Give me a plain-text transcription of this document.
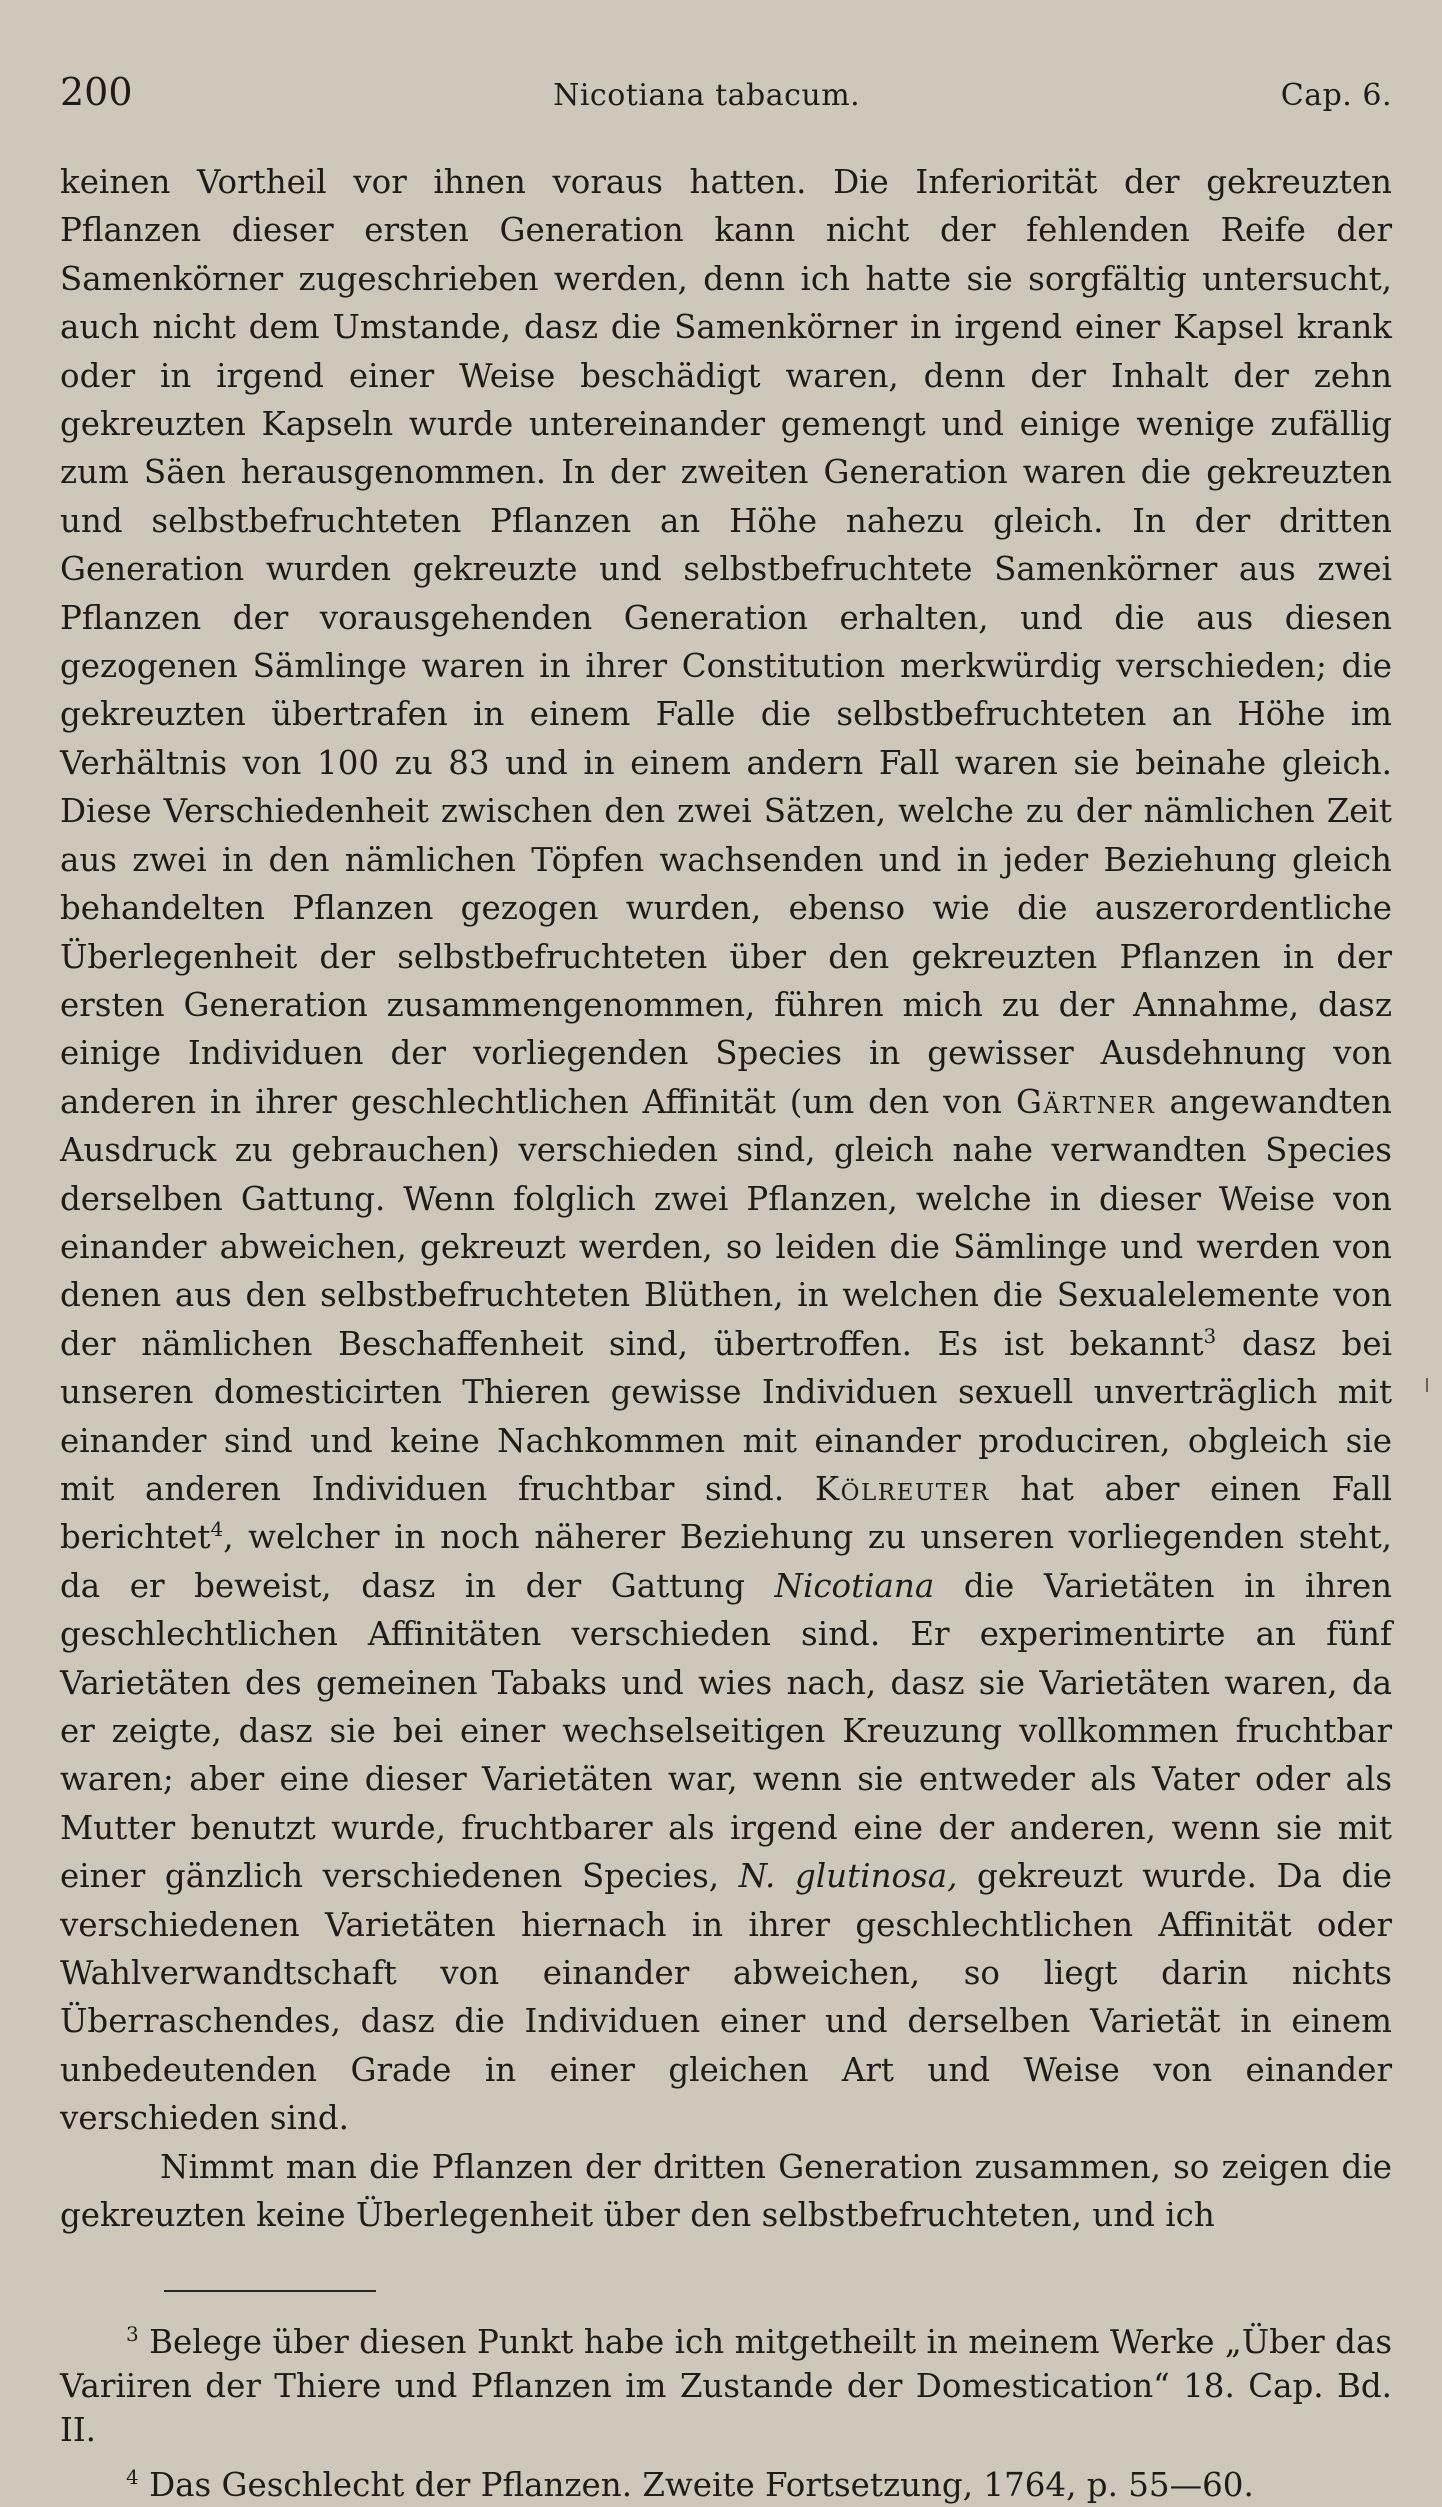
200	Nicotiana tabacum.	Cap. 6.

keinen Vortheil vor ihnen voraus hatten. Die Inferiorität der gekreuzten Pflanzen dieser ersten Generation kann nicht der fehlenden Reife der Samenkörner zugeschrieben werden, denn ich hatte sie sorgfältig untersucht, auch nicht dem Umstande, dasz die Samenkörner in irgend einer Kapsel krank oder in irgend einer Weise beschädigt waren, denn der Inhalt der zehn gekreuzten Kapseln wurde untereinander gemengt und einige wenige zufällig zum Säen herausgenommen. In der zweiten Generation waren die gekreuzten und selbstbefruchteten Pflanzen an Höhe nahezu gleich. In der dritten Generation wurden gekreuzte und selbstbefruchtete Samenkörner aus zwei Pflanzen der vorausgehenden Generation erhalten, und die aus diesen gezogenen Sämlinge waren in ihrer Constitution merkwürdig verschieden; die gekreuzten übertrafen in einem Falle die selbstbefruchteten an Höhe im Verhältnis von 100 zu 83 und in einem andern Fall waren sie beinahe gleich. Diese Verschiedenheit zwischen den zwei Sätzen, welche zu der nämlichen Zeit aus zwei in den nämlichen Töpfen wachsenden und in jeder Beziehung gleich behandelten Pflanzen gezogen wurden, ebenso wie die auszerordentliche Überlegenheit der selbstbefruchteten über den gekreuzten Pflanzen in der ersten Generation zusammengenommen, führen mich zu der Annahme, dasz einige Individuen der vorliegenden Species in gewisser Ausdehnung von anderen in ihrer geschlechtlichen Affinität (um den von Gärtner angewandten Ausdruck zu gebrauchen) verschieden sind, gleich nahe verwandten Species derselben Gattung. Wenn folglich zwei Pflanzen, welche in dieser Weise von einander abweichen, gekreuzt werden, so leiden die Sämlinge und werden von denen aus den selbstbefruchteten Blüthen, in welchen die Sexualelemente von der nämlichen Beschaffenheit sind, übertroffen. Es ist bekannt$^3$ dasz bei unseren domesticirten Thieren gewisse Individuen sexuell unverträglich mit einander sind und keine Nachkommen mit einander produciren, obgleich sie mit anderen Individuen fruchtbar sind. Kölreuter hat aber einen Fall berichtet$^4$, welcher in noch näherer Beziehung zu unseren vorliegenden steht, da er beweist, dasz in der Gattung Nicotiana die Varietäten in ihren geschlechtlichen Affinitäten verschieden sind. Er experimentirte an fünf Varietäten des gemeinen Tabaks und wies nach, dasz sie Varietäten waren, da er zeigte, dasz sie bei einer wechselseitigen Kreuzung vollkommen fruchtbar waren; aber eine dieser Varietäten war, wenn sie entweder als Vater oder als Mutter benutzt wurde, fruchtbarer als irgend eine der anderen, wenn sie mit einer gänzlich verschiedenen Species, N. glutinosa, gekreuzt wurde. Da die verschiedenen Varietäten hiernach in ihrer geschlechtlichen Affinität oder Wahlverwandtschaft von einander abweichen, so liegt darin nichts Überraschendes, dasz die Individuen einer und derselben Varietät in einem unbedeutenden Grade in einer gleichen Art und Weise von einander verschieden sind.

Nimmt man die Pflanzen der dritten Generation zusammen, so zeigen die gekreuzten keine Überlegenheit über den selbstbefruchteten, und ich

$^3$ Belege über diesen Punkt habe ich mitgetheilt in meinem Werke „Über das Variiren der Thiere und Pflanzen im Zustande der Domestication“ 18. Cap. Bd. II.

$^4$ Das Geschlecht der Pflanzen. Zweite Fortsetzung, 1764, p. 55—60.
